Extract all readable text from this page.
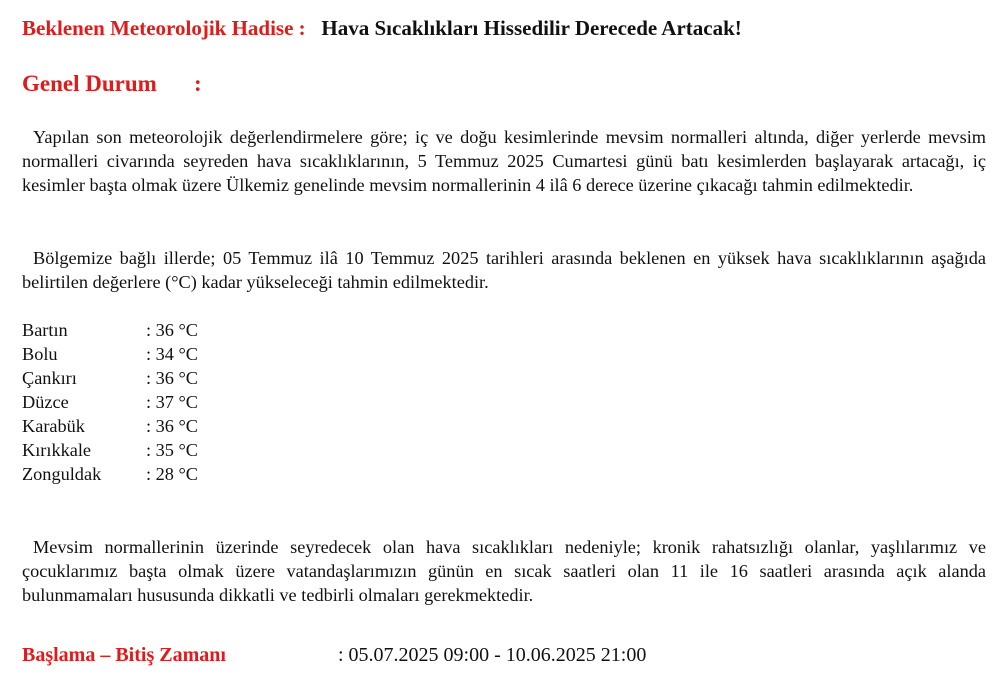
Beklenen Meteorolojik Hadise : Hava Sıcaklıkları Hissedilir Derecede Artacak!
Genel Durum :

Yapılan son meteorolojik değerlendirmelere göre; iç ve doğu kesimlerinde mevsim normalleri altında, diğer yerlerde mevsim normalleri civarında seyreden hava sıcaklıklarının, 5 Temmuz 2025 Cumartesi günü batı kesimlerden başlayarak artacağı, iç kesimler başta olmak üzere Ülkemiz genelinde mevsim normallerinin 4 ilâ 6 derece üzerine çıkacağı tahmin edilmektedir.

Bölgemize bağlı illerde; 05 Temmuz ilâ 10 Temmuz 2025 tarihleri arasında beklenen en yüksek hava sıcaklıklarının aşağıda belirtilen değerlere (°C) kadar yükseleceği tahmin edilmektedir.

Bartın	: 36 °C
Bolu	: 34 °C
Çankırı	: 36 °C
Düzce	: 37 °C
Karabük	: 36 °C
Kırıkkale	: 35 °C
Zonguldak : 28 °C

Mevsim normallerinin üzerinde seyredecek olan hava sıcaklıkları nedeniyle; kronik rahatsızlığı olanlar, yaşlılarımız ve çocuklarımız başta olmak üzere vatandaşlarımızın günün en sıcak saatleri olan 11 ile 16 saatleri arasında açık alanda bulunmamaları hususunda dikkatli ve tedbirli olmaları gerekmektedir.

Başlama – Bitiş Zamanı	: 05.07.2025 09:00 - 10.06.2025 21:00
